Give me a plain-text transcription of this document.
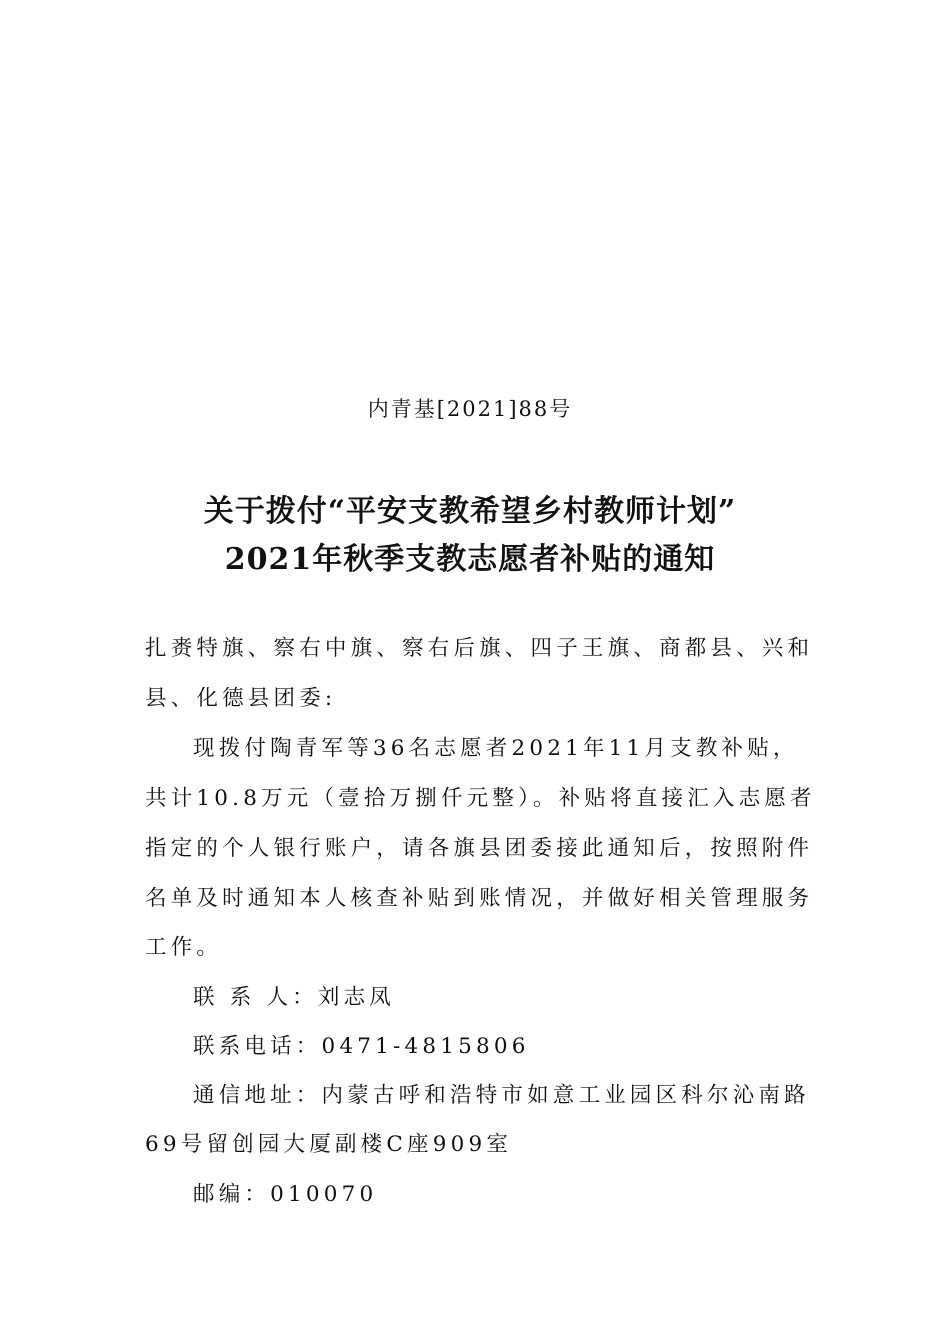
内青基[2021]88号
关于拨付“平安支教希望乡村教师计划”
2021年秋季支教志愿者补贴的通知
扎赉特旗、察右中旗、察右后旗、四子王旗、商都县、兴和
县、化德县团委:
现拨付陶青军等36名志愿者2021年11月支教补贴，
共计10.8万元（壹拾万捌仟元整）。补贴将直接汇入志愿者
指定的个人银行账户，请各旗县团委接此通知后，按照附件
名单及时通知本人核查补贴到账情况，并做好相关管理服务
工作。
联 系 人：刘志凤
联系电话：0471-4815806
通信地址：内蒙古呼和浩特市如意工业园区科尔沁南路
69号留创园大厦副楼C座909室
邮编：010070
